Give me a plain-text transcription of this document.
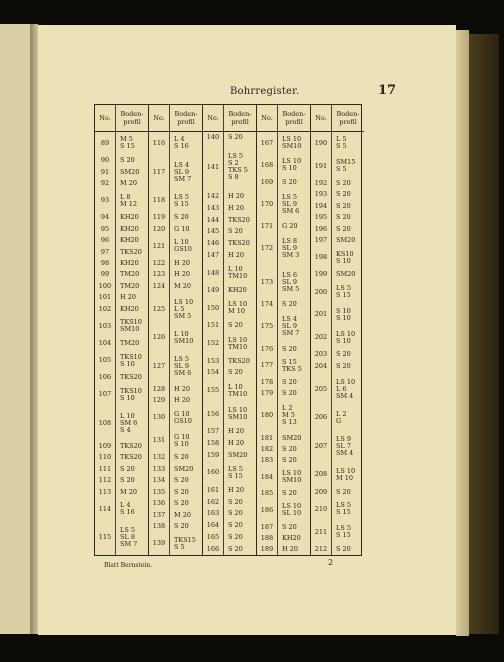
Bohrregister.	17
No.
89
90
91
92
93
94
95
96
97
98
99
100
101
102
103
104
105
106
107
108
109
110
111
112
113
114
115
Boden-
profil
M 5
S 15
S 20
SM20
M 20
L 8
M 12
KH20
KH20
KH20
TKS20
KH20
TM20
TM20
H 20
KH20
TKS10
SM10
TM20
TKS10
S 10
TKS20
TKS10
S 10
L 10
SM 6
S 4
TKS20
TKS20
S 20
S 20
M 20
L 4
S 16
LS 5
SL 8
SM 7
No.
116
117
118
119
120
121
122
123
124
125
126
127
128
129
130
131
132
133
134
135
136
137
138
139
Boden-
profil
L 4
S 16
LS 4
SL 9
SM 7
LS 5
S 15
S 20
G 10
L 10
GS10
H 20
H 20
M 20
LS 10
L 5
SM 5
L 10
SM10
LS 5
SL 9
SM 6
H 20
H 20
G 10
GS10
G 10
S 10
S 20
SM20
S 20
S 20
S 20
M 20
S 20
TKS15
S 5
No.
140
141
142
143
144
145
146
147
148
149
150
151
152
153
154
155
156
157
158
159
160
161
162
163
164
165
166
Boden-
profil
S 20
LS 5
S 2
TKS 5
S 8
H 20
H 20
TKS20
S 20
TKS20
H 20
L 10
TM10
KH20
LS 10
M 10
S 20
LS 10
TM10
TKS20
S 20
L 10
TM10
LS 10
SM10
H 20
H 20
SM20
LS 5
S 15
H 20
S 20
S 20
S 20
S 20
S 20
No.
167
168
169
170
171
172
173
174
175
176
177
178
179
180
181
182
183
184
185
186
187
188
189
Boden-
profil
LS 10
SM10
LS 10
S 10
S 20
LS 5
SL 9
SM 6
G 20
LS 8
SL 9
SM 3
LS 6
SL 9
SM 5
S 20
LS 4
SL 9
SM 7
S 20
S 15
TKS 5
S 20
S 20
L 2
M 5
S 13
SM20
S 20
S 20
LS 10
SM10
S 20
LS 10
SL 10
S 20
KH20
H 20
No.
190
191
192
193
194
195
196
197
198
199
200
201
202
203
204
205
206
207
208
209
210
211
212
Boden-
profil
L 5
S 5
SM15
S 5
S 20
S 20
S 20
S 20
S 20
SM20
KS10
S 10
SM20
LS 5
S 15
S 10
S 10
LS 10
S 10
S 20
S 20
LS 10
L 6
SM 4
L 2
G
LS 9
SL 7
SM 4
LS 10
M 10
S 20
LS 5
S 15
LS 5
S 15
S 20
Blatt Bernstein.	2
